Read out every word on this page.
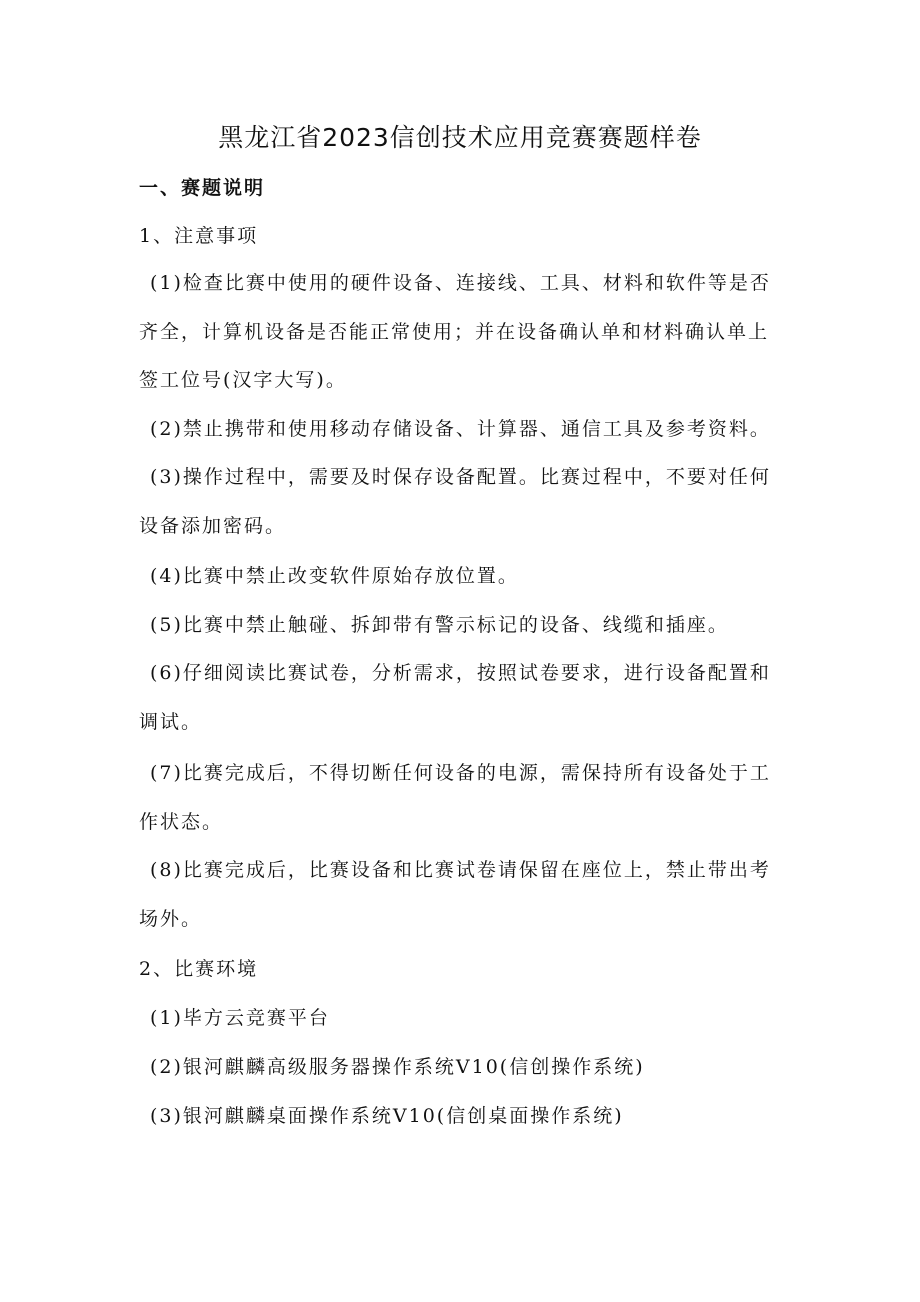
黑龙江省2023信创技术应用竞赛赛题样卷

一、赛题说明

1、注意事项

(1)检查比赛中使用的硬件设备、连接线、工具、材料和软件等是否

齐全，计算机设备是否能正常使用；并在设备确认单和材料确认单上

签工位号(汉字大写)。

(2)禁止携带和使用移动存储设备、计算器、通信工具及参考资料。

(3)操作过程中，需要及时保存设备配置。比赛过程中，不要对任何

设备添加密码。

(4)比赛中禁止改变软件原始存放位置。

(5)比赛中禁止触碰、拆卸带有警示标记的设备、线缆和插座。

(6)仔细阅读比赛试卷，分析需求，按照试卷要求，进行设备配置和

调试。

(7)比赛完成后，不得切断任何设备的电源，需保持所有设备处于工

作状态。

(8)比赛完成后，比赛设备和比赛试卷请保留在座位上，禁止带出考

场外。

2、比赛环境

(1)毕方云竞赛平台

(2)银河麒麟高级服务器操作系统V10(信创操作系统)

(3)银河麒麟桌面操作系统V10(信创桌面操作系统)
